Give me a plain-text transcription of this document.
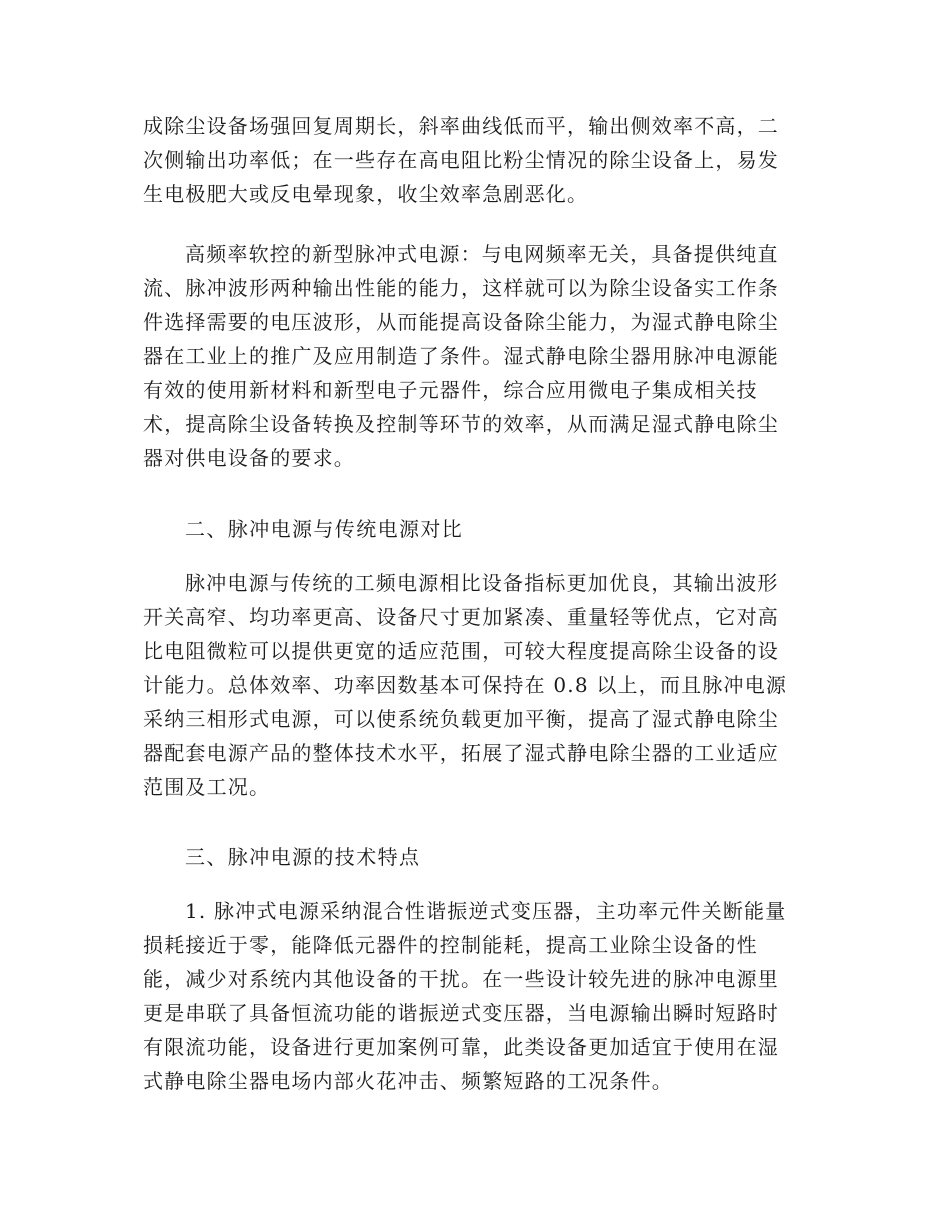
成除尘设备场强回复周期长，斜率曲线低而平，输出侧效率不高，二
次侧输出功率低；在一些存在高电阻比粉尘情况的除尘设备上，易发
生电极肥大或反电晕现象，收尘效率急剧恶化。
高频率软控的新型脉冲式电源：与电网频率无关，具备提供纯直
流、脉冲波形两种输出性能的能力，这样就可以为除尘设备实工作条
件选择需要的电压波形，从而能提高设备除尘能力，为湿式静电除尘
器在工业上的推广及应用制造了条件。湿式静电除尘器用脉冲电源能
有效的使用新材料和新型电子元器件，综合应用微电子集成相关技
术，提高除尘设备转换及控制等环节的效率，从而满足湿式静电除尘
器对供电设备的要求。
二、脉冲电源与传统电源对比
脉冲电源与传统的工频电源相比设备指标更加优良，其输出波形
开关高窄、均功率更高、设备尺寸更加紧凑、重量轻等优点，它对高
比电阻微粒可以提供更宽的适应范围，可较大程度提高除尘设备的设
计能力。总体效率、功率因数基本可保持在 0.8 以上，而且脉冲电源
采纳三相形式电源，可以使系统负载更加平衡，提高了湿式静电除尘
器配套电源产品的整体技术水平，拓展了湿式静电除尘器的工业适应
范围及工况。
三、脉冲电源的技术特点
1. 脉冲式电源采纳混合性谐振逆式变压器，主功率元件关断能量
损耗接近于零，能降低元器件的控制能耗，提高工业除尘设备的性
能，减少对系统内其他设备的干扰。在一些设计较先进的脉冲电源里
更是串联了具备恒流功能的谐振逆式变压器，当电源输出瞬时短路时
有限流功能，设备进行更加案例可靠，此类设备更加适宜于使用在湿
式静电除尘器电场内部火花冲击、频繁短路的工况条件。
